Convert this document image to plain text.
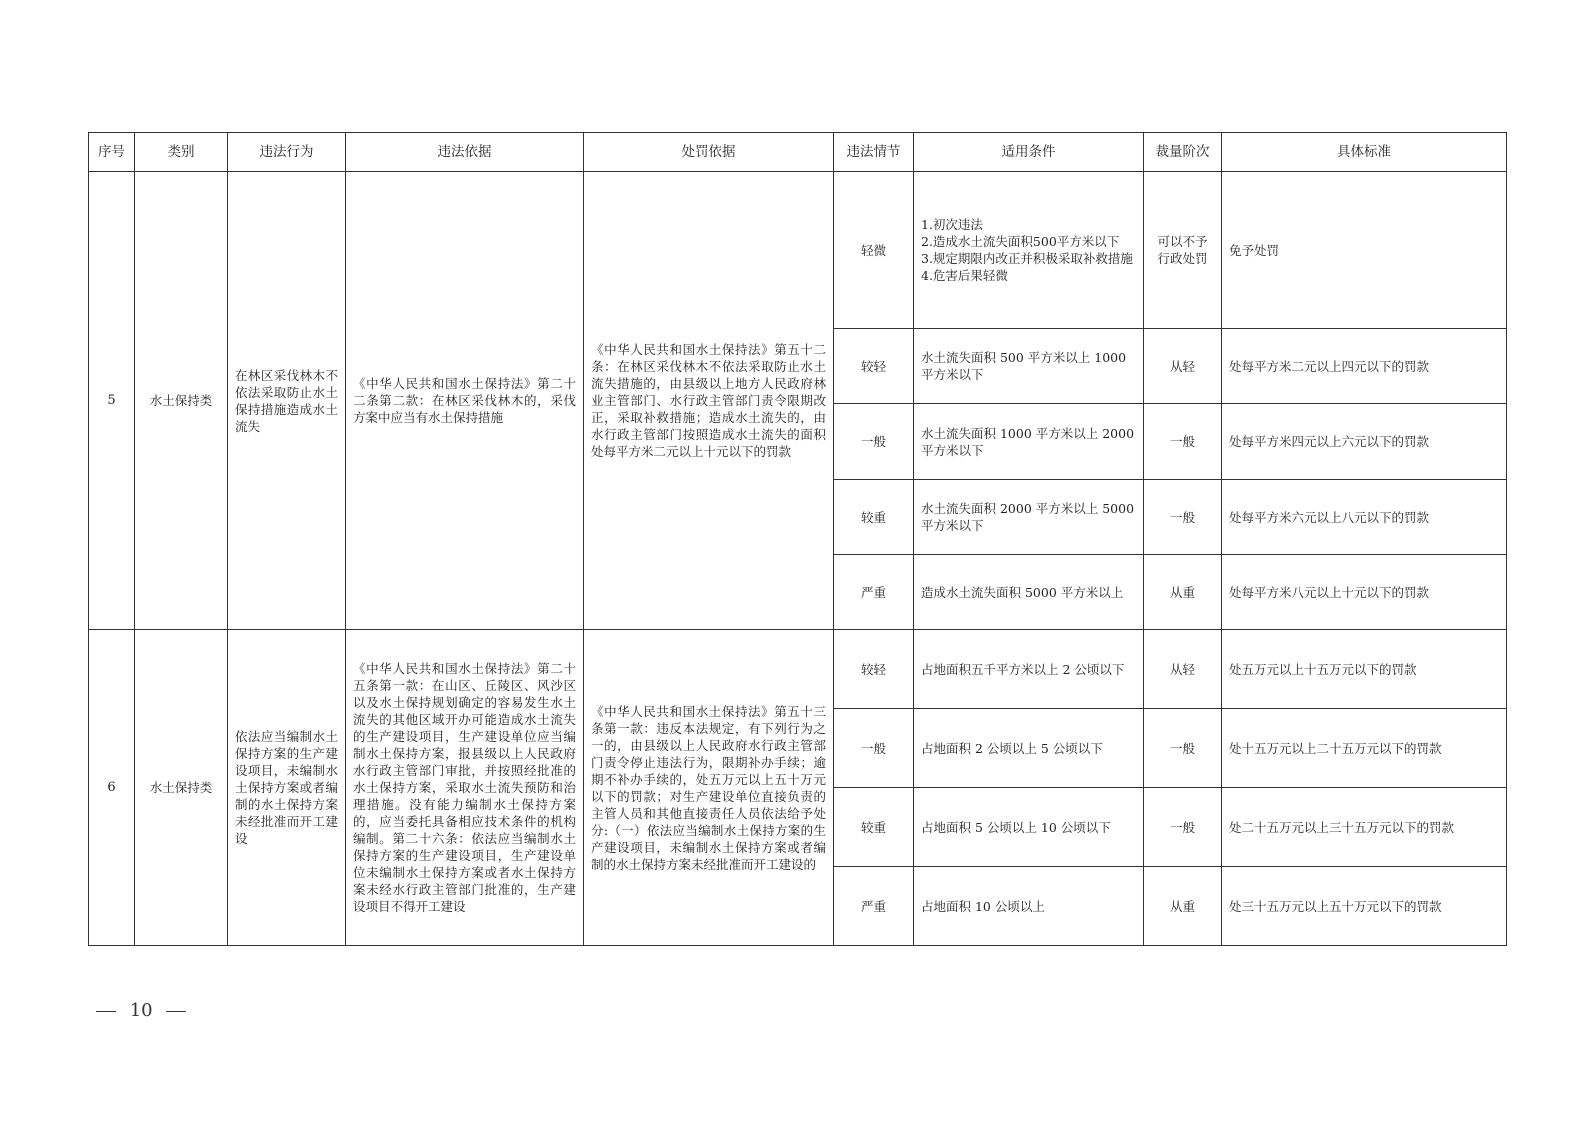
序号	类别	违法行为	违法依据	处罚依据	违法情节	适用条件	裁量阶次	具体标准
5	水土保持类	在林区采伐林木不依法采取防止水土保持措施造成水土流失	《中华人民共和国水土保持法》第二十二条第二款：在林区采伐林木的，采伐方案中应当有水土保持措施	《中华人民共和国水土保持法》第五十二条：在林区采伐林木不依法采取防止水土流失措施的，由县级以上地方人民政府林业主管部门、水行政主管部门责令限期改正，采取补救措施；造成水土流失的，由水行政主管部门按照造成水土流失的面积处每平方米二元以上十元以下的罚款	轻微	1.初次违法
2.造成水土流失面积500平方米以下
3.规定期限内改正并积极采取补救措施
4.危害后果轻微	可以不予行政处罚	免予处罚
					较轻	水土流失面积 500 平方米以上 1000 平方米以下	从轻	处每平方米二元以上四元以下的罚款
					一般	水土流失面积 1000 平方米以上 2000 平方米以下	一般	处每平方米四元以上六元以下的罚款
					较重	水土流失面积 2000 平方米以上 5000 平方米以下	一般	处每平方米六元以上八元以下的罚款
					严重	造成水土流失面积 5000 平方米以上	从重	处每平方米八元以上十元以下的罚款
6	水土保持类	依法应当编制水土保持方案的生产建设项目，未编制水土保持方案或者编制的水土保持方案未经批准而开工建设	《中华人民共和国水土保持法》第二十五条第一款：在山区、丘陵区、风沙区以及水土保持规划确定的容易发生水土流失的其他区域开办可能造成水土流失的生产建设项目，生产建设单位应当编制水土保持方案，报县级以上人民政府水行政主管部门审批，并按照经批准的水土保持方案，采取水土流失预防和治理措施。没有能力编制水土保持方案的，应当委托具备相应技术条件的机构编制。第二十六条：依法应当编制水土保持方案的生产建设项目，生产建设单位未编制水土保持方案或者水土保持方案未经水行政主管部门批准的，生产建设项目不得开工建设	《中华人民共和国水土保持法》第五十三条第一款：违反本法规定，有下列行为之一的，由县级以上人民政府水行政主管部门责令停止违法行为，限期补办手续；逾期不补办手续的，处五万元以上五十万元以下的罚款；对生产建设单位直接负责的主管人员和其他直接责任人员依法给予处分:（一）依法应当编制水土保持方案的生产建设项目，未编制水土保持方案或者编制的水土保持方案未经批准而开工建设的	较轻	占地面积五千平方米以上 2 公顷以下	从轻	处五万元以上十五万元以下的罚款
					一般	占地面积 2 公顷以上 5 公顷以下	一般	处十五万元以上二十五万元以下的罚款
					较重	占地面积 5 公顷以上 10 公顷以下	一般	处二十五万元以上三十五万元以下的罚款
					严重	占地面积 10 公顷以上	从重	处三十五万元以上五十万元以下的罚款
10
